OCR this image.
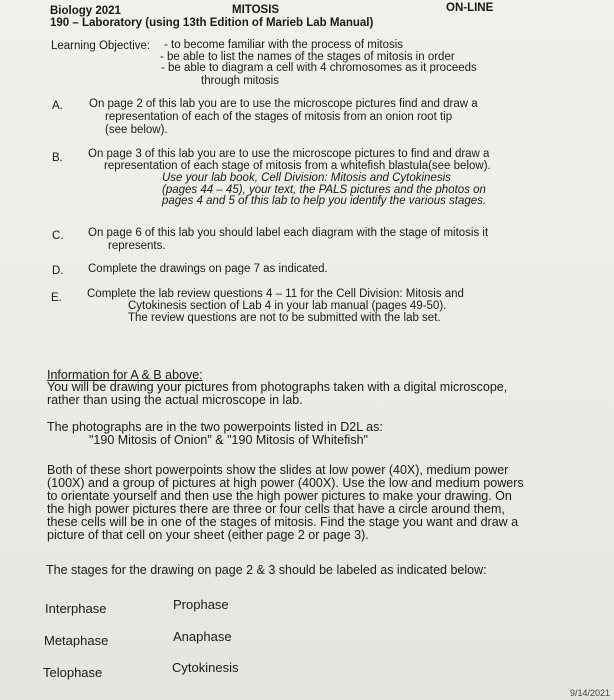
Biology 2021	MITOSIS	ON-LINE
190 – Laboratory (using 13th Edition of Marieb Lab Manual)
Learning Objective: - to become familiar with the process of mitosis
- be able to list the names of the stages of mitosis in order
- be able to diagram a cell with 4 chromosomes as it proceeds
through mitosis
A. On page 2 of this lab you are to use the microscope pictures find and draw a
representation of each of the stages of mitosis from an onion root tip
(see below).
B. On page 3 of this lab you are to use the microscope pictures to find and draw a
representation of each stage of mitosis from a whitefish blastula(see below).
Use your lab book, Cell Division: Mitosis and Cytokinesis
(pages 44 – 45), your text, the PALS pictures and the photos on
pages 4 and 5 of this lab to help you identify the various stages.
C. On page 6 of this lab you should label each diagram with the stage of mitosis it
represents.
D. Complete the drawings on page 7 as indicated.
E. Complete the lab review questions 4 – 11 for the Cell Division: Mitosis and
Cytokinesis section of Lab 4 in your lab manual (pages 49-50).
The review questions are not to be submitted with the lab set.
Information for A & B above:
You will be drawing your pictures from photographs taken with a digital microscope,
rather than using the actual microscope in lab.
The photographs are in the two powerpoints listed in D2L as:
"190 Mitosis of Onion" & "190 Mitosis of Whitefish"
Both of these short powerpoints show the slides at low power (40X), medium power
(100X) and a group of pictures at high power (400X). Use the low and medium powers
to orientate yourself and then use the high power pictures to make your drawing. On
the high power pictures there are three or four cells that have a circle around them,
these cells will be in one of the stages of mitosis. Find the stage you want and draw a
picture of that cell on your sheet (either page 2 or page 3).
The stages for the drawing on page 2 & 3 should be labeled as indicated below:
Interphase	Prophase
Metaphase	Anaphase
Telophase	Cytokinesis
9/14/2021
